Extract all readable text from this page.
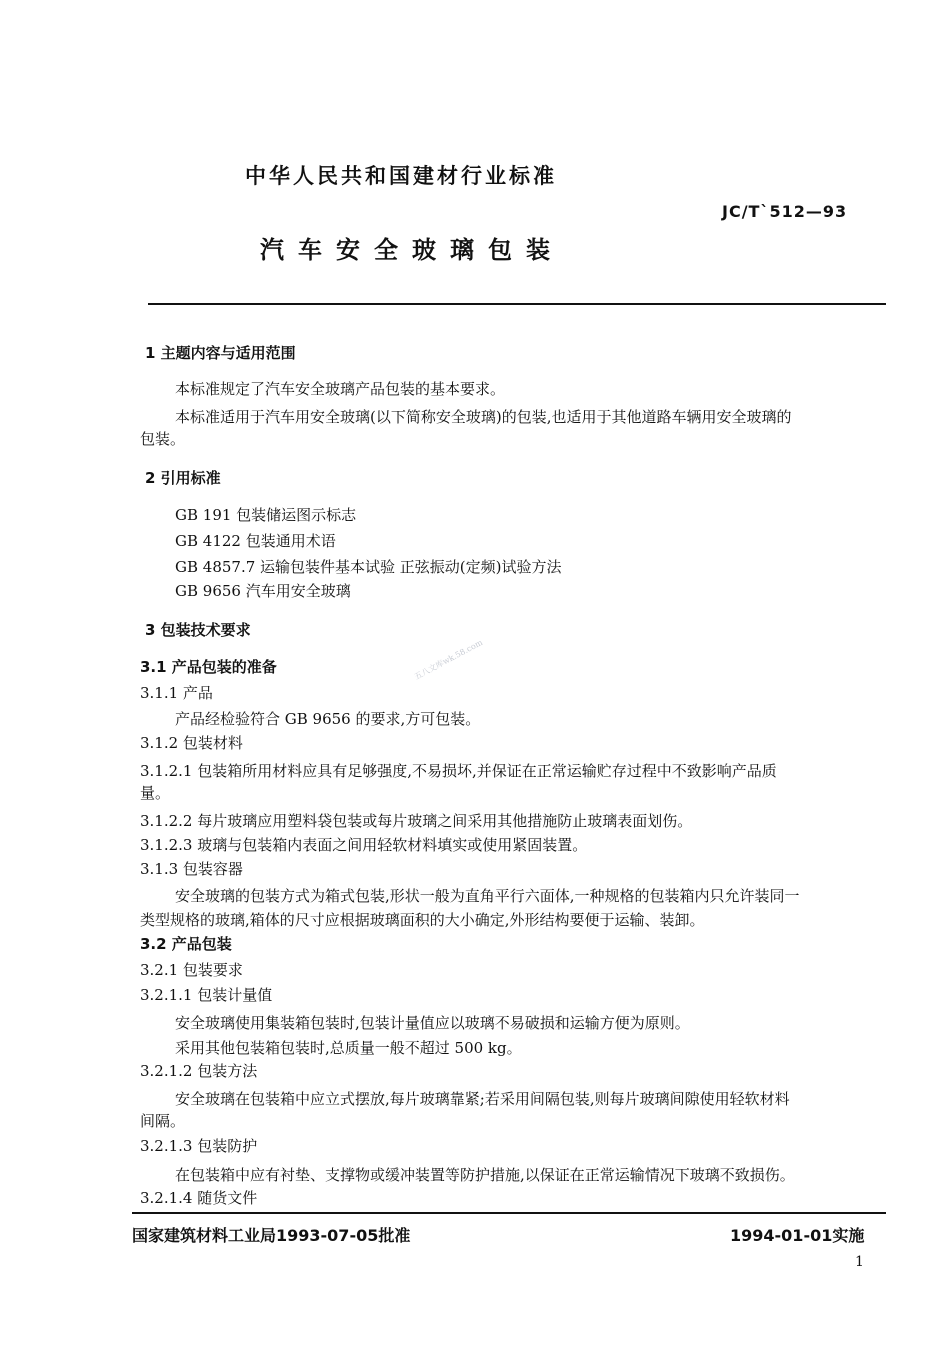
中华人民共和国建材行业标准
JC/T`512—93
汽车安全玻璃包装
1 主题内容与适用范围
本标准规定了汽车安全玻璃产品包装的基本要求。
本标准适用于汽车用安全玻璃(以下简称安全玻璃)的包装,也适用于其他道路车辆用安全玻璃的
包装。
2 引用标准
GB 191 包装储运图示标志
GB 4122 包装通用术语
GB 4857.7 运输包装件基本试验 正弦振动(定频)试验方法
GB 9656 汽车用安全玻璃
3 包装技术要求
3.1 产品包装的准备
3.1.1 产品
产品经检验符合 GB 9656 的要求,方可包装。
3.1.2 包装材料
3.1.2.1 包装箱所用材料应具有足够强度,不易损坏,并保证在正常运输贮存过程中不致影响产品质
量。
3.1.2.2 每片玻璃应用塑料袋包装或每片玻璃之间采用其他措施防止玻璃表面划伤。
3.1.2.3 玻璃与包装箱内表面之间用轻软材料填实或使用紧固装置。
3.1.3 包装容器
安全玻璃的包装方式为箱式包装,形状一般为直角平行六面体,一种规格的包装箱内只允许装同一
类型规格的玻璃,箱体的尺寸应根据玻璃面积的大小确定,外形结构要便于运输、装卸。
3.2 产品包装
3.2.1 包装要求
3.2.1.1 包装计量值
安全玻璃使用集装箱包装时,包装计量值应以玻璃不易破损和运输方便为原则。
采用其他包装箱包装时,总质量一般不超过 500 kg。
3.2.1.2 包装方法
安全玻璃在包装箱中应立式摆放,每片玻璃靠紧;若采用间隔包装,则每片玻璃间隙使用轻软材料
间隔。
3.2.1.3 包装防护
在包装箱中应有衬垫、支撑物或缓冲装置等防护措施,以保证在正常运输情况下玻璃不致损伤。
3.2.1.4 随货文件
国家建筑材料工业局1993-07-05批准	1994-01-01实施
1
五八文库wk.58.com
